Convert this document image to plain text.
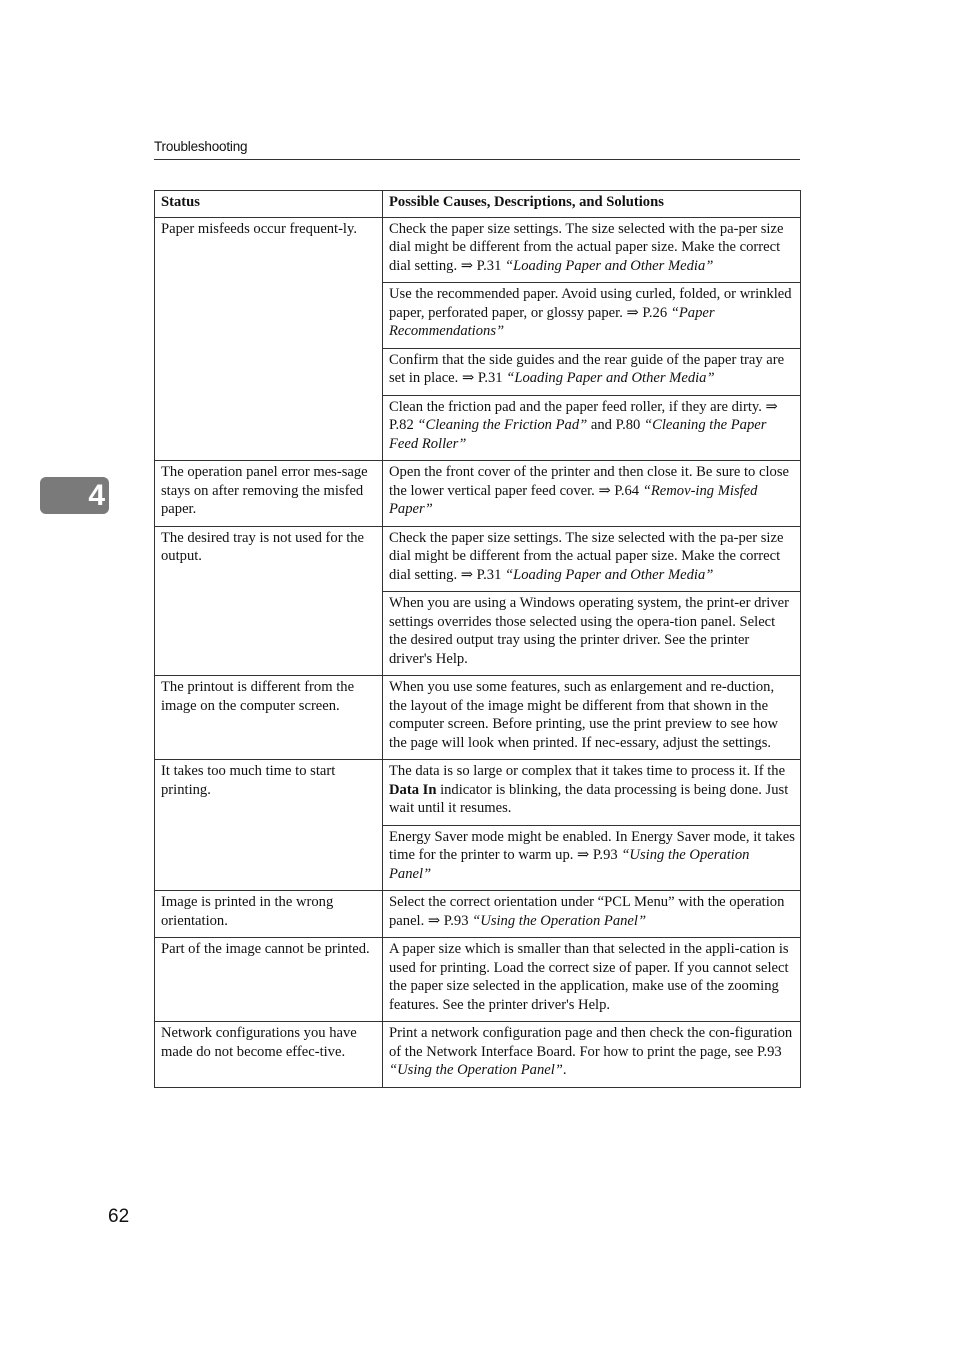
Troubleshooting
4
Status	Possible Causes, Descriptions, and Solutions
Paper misfeeds occur frequent-ly.	Check the paper size settings. The size selected with the pa-per size dial might be different from the actual paper size. Make the correct dial setting. ⇒ P.31 “Loading Paper and Other Media”
	Use the recommended paper. Avoid using curled, folded, or wrinkled paper, perforated paper, or glossy paper. ⇒ P.26 “Paper Recommendations”
	Confirm that the side guides and the rear guide of the paper tray are set in place. ⇒ P.31 “Loading Paper and Other Media”
	Clean the friction pad and the paper feed roller, if they are dirty. ⇒ P.82 “Cleaning the Friction Pad” and P.80 “Cleaning the Paper Feed Roller”
The operation panel error mes-sage stays on after removing the misfed paper.	Open the front cover of the printer and then close it. Be sure to close the lower vertical paper feed cover. ⇒ P.64 “Remov-ing Misfed Paper”
The desired tray is not used for the output.	Check the paper size settings. The size selected with the pa-per size dial might be different from the actual paper size. Make the correct dial setting. ⇒ P.31 “Loading Paper and Other Media”
	When you are using a Windows operating system, the print-er driver settings overrides those selected using the opera-tion panel. Select the desired output tray using the printer driver. See the printer driver's Help.
The printout is different from the image on the computer screen.	When you use some features, such as enlargement and re-duction, the layout of the image might be different from that shown in the computer screen. Before printing, use the print preview to see how the page will look when printed. If nec-essary, adjust the settings.
It takes too much time to start printing.	The data is so large or complex that it takes time to process it. If the Data In indicator is blinking, the data processing is being done. Just wait until it resumes.
	Energy Saver mode might be enabled. In Energy Saver mode, it takes time for the printer to warm up. ⇒ P.93 “Using the Operation Panel”
Image is printed in the wrong orientation.	Select the correct orientation under “PCL Menu” with the operation panel. ⇒ P.93 “Using the Operation Panel”
Part of the image cannot be printed.	A paper size which is smaller than that selected in the appli-cation is used for printing. Load the correct size of paper. If you cannot select the paper size selected in the application, make use of the zooming features. See the printer driver's Help.
Network configurations you have made do not become effec-tive.	Print a network configuration page and then check the con-figuration of the Network Interface Board. For how to print the page, see P.93 “Using the Operation Panel”.
62
